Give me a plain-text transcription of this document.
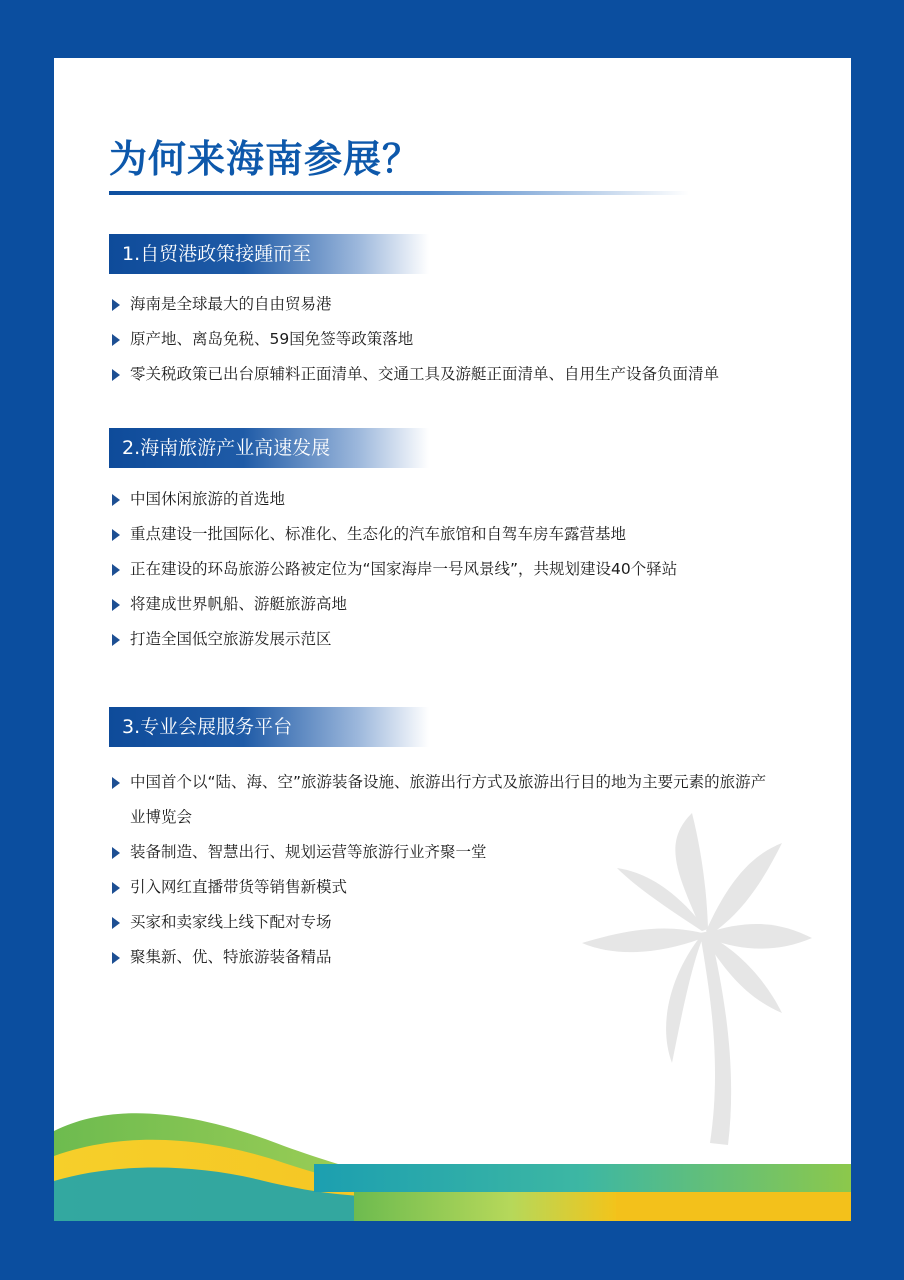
为何来海南参展？
1.自贸港政策接踵而至
海南是全球最大的自由贸易港
原产地、离岛免税、59国免签等政策落地
零关税政策已出台原辅料正面清单、交通工具及游艇正面清单、自用生产设备负面清单
2.海南旅游产业高速发展
中国休闲旅游的首选地
重点建设一批国际化、标准化、生态化的汽车旅馆和自驾车房车露营基地
正在建设的环岛旅游公路被定位为“国家海岸一号风景线”，共规划建设40个驿站
将建成世界帆船、游艇旅游高地
打造全国低空旅游发展示范区
3.专业会展服务平台
中国首个以“陆、海、空”旅游装备设施、旅游出行方式及旅游出行目的地为主要元素的旅游产业博览会
装备制造、智慧出行、规划运营等旅游行业齐聚一堂
引入网红直播带货等销售新模式
买家和卖家线上线下配对专场
聚集新、优、特旅游装备精品
